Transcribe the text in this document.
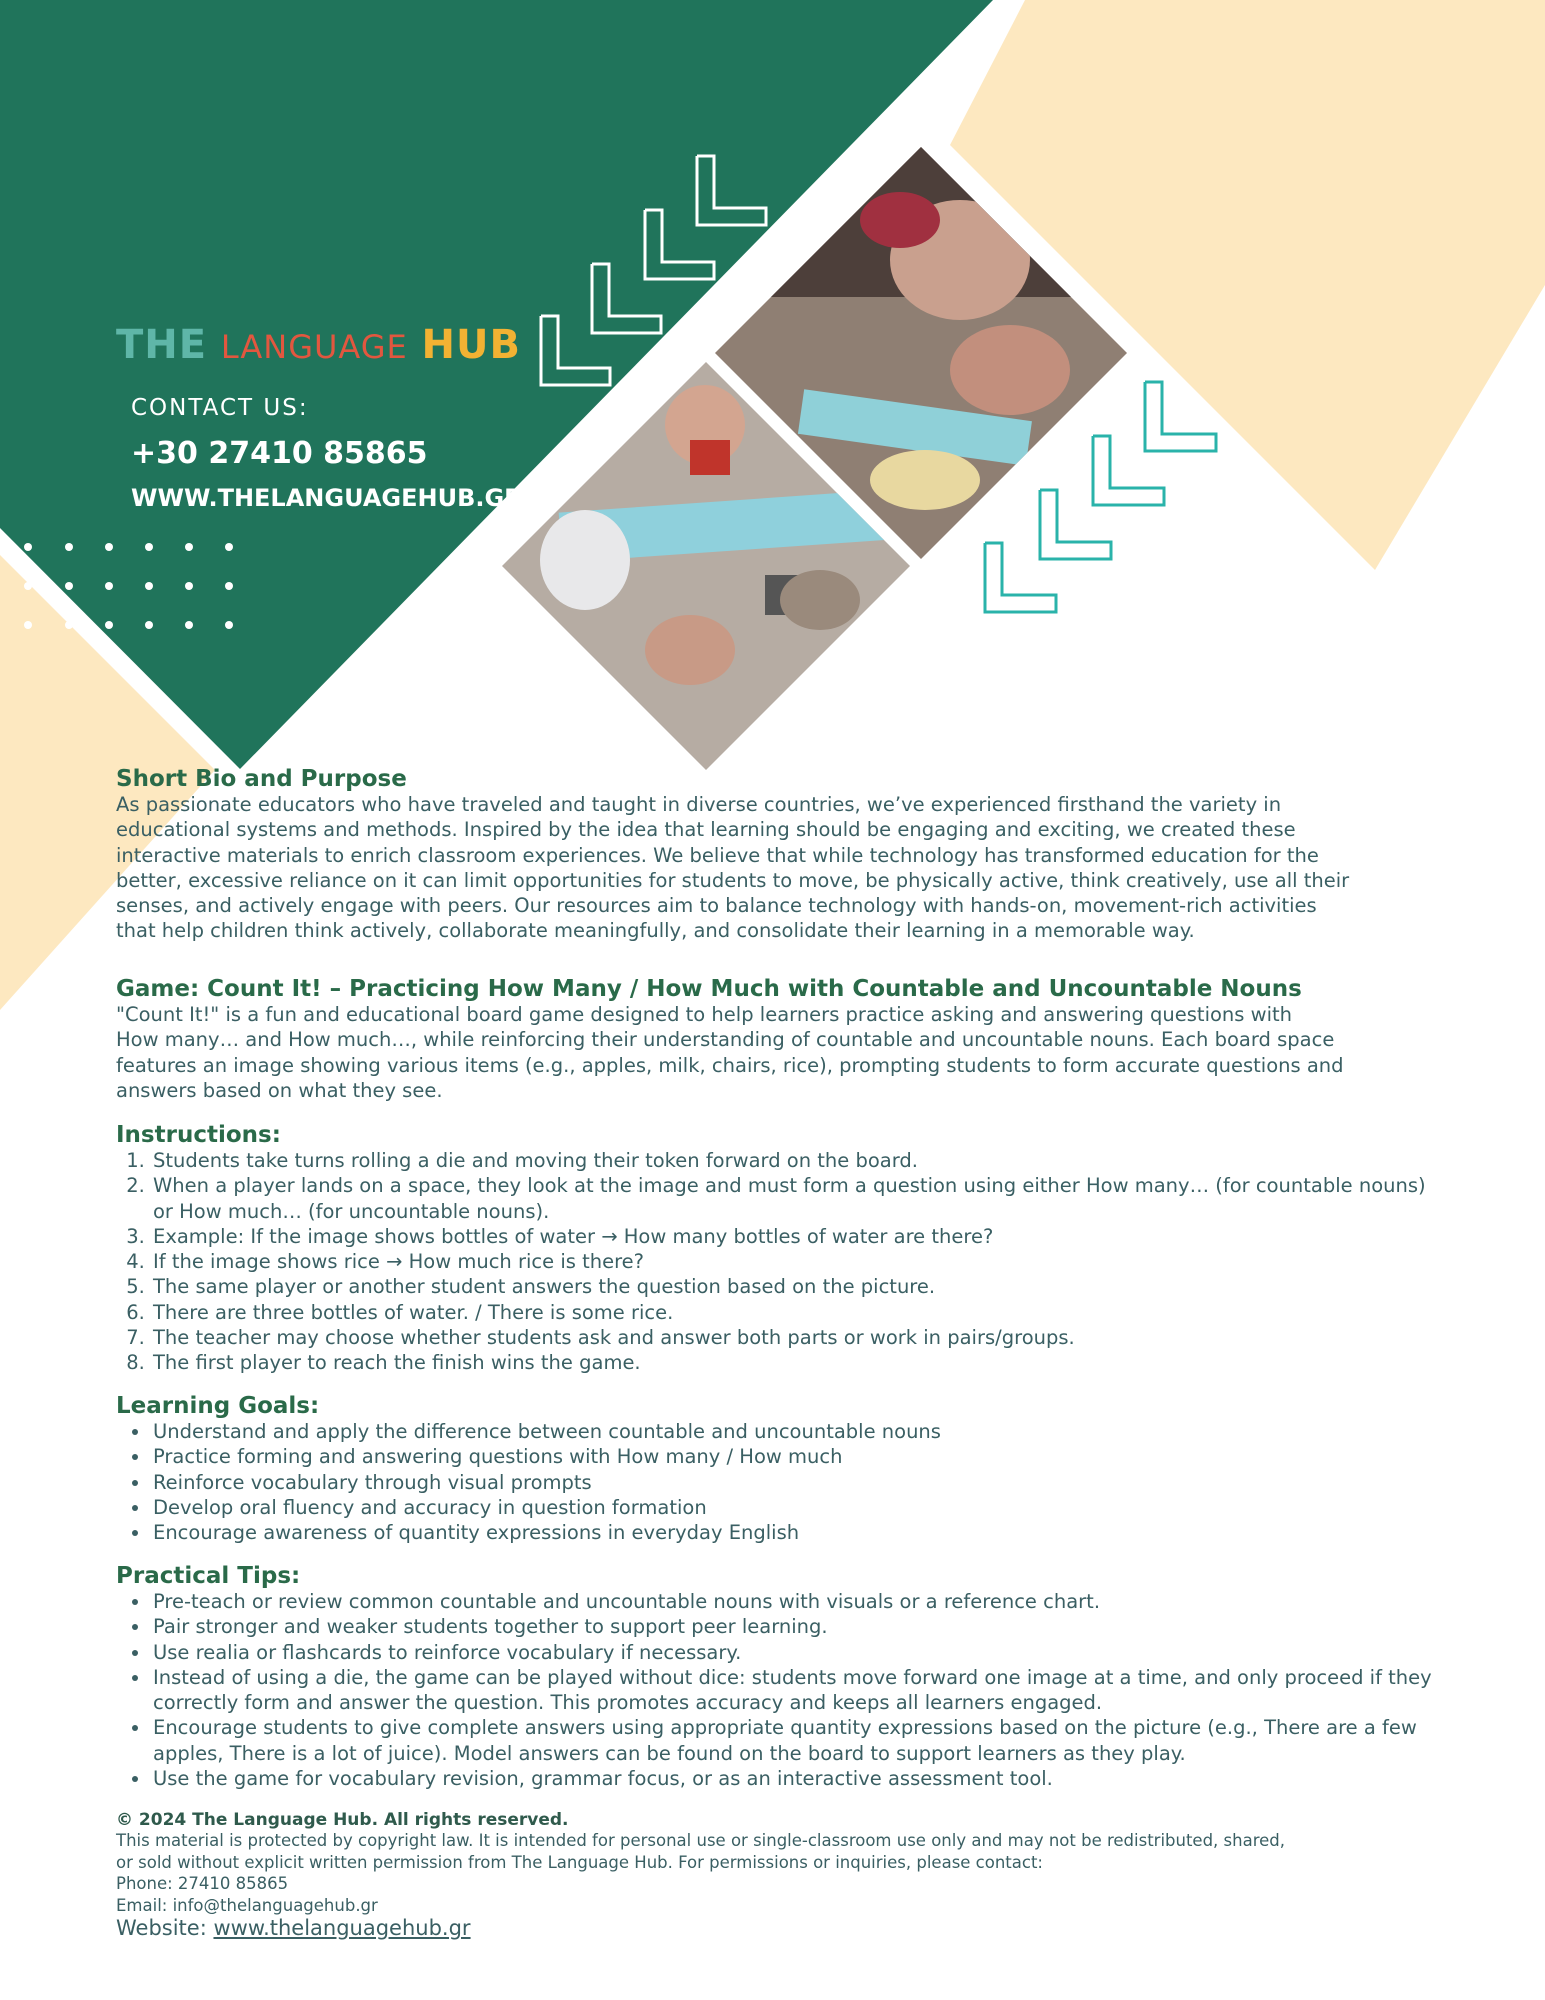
THE LANGUAGE HUB
CONTACT US:
+30 27410 85865
WWW.THELANGUAGEHUB.GR
Short Bio and Purpose
As passionate educators who have traveled and taught in diverse countries, we’ve experienced firsthand the variety in
educational systems and methods. Inspired by the idea that learning should be engaging and exciting, we created these
interactive materials to enrich classroom experiences. We believe that while technology has transformed education for the
better, excessive reliance on it can limit opportunities for students to move, be physically active, think creatively, use all their
senses, and actively engage with peers. Our resources aim to balance technology with hands-on, movement-rich activities
that help children think actively, collaborate meaningfully, and consolidate their learning in a memorable way.
Game: Count It! – Practicing How Many / How Much with Countable and Uncountable Nouns
"Count It!" is a fun and educational board game designed to help learners practice asking and answering questions with
How many… and How much…, while reinforcing their understanding of countable and uncountable nouns. Each board space
features an image showing various items (e.g., apples, milk, chairs, rice), prompting students to form accurate questions and
answers based on what they see.
Instructions:
1. Students take turns rolling a die and moving their token forward on the board.
2. When a player lands on a space, they look at the image and must form a question using either How many… (for countable nouns) or How much… (for uncountable nouns).
3. Example: If the image shows bottles of water → How many bottles of water are there?
4. If the image shows rice → How much rice is there?
5. The same player or another student answers the question based on the picture.
6. There are three bottles of water. / There is some rice.
7. The teacher may choose whether students ask and answer both parts or work in pairs/groups.
8. The first player to reach the finish wins the game.
Learning Goals:
• Understand and apply the difference between countable and uncountable nouns
• Practice forming and answering questions with How many / How much
• Reinforce vocabulary through visual prompts
• Develop oral fluency and accuracy in question formation
• Encourage awareness of quantity expressions in everyday English
Practical Tips:
• Pre-teach or review common countable and uncountable nouns with visuals or a reference chart.
• Pair stronger and weaker students together to support peer learning.
• Use realia or flashcards to reinforce vocabulary if necessary.
• Instead of using a die, the game can be played without dice: students move forward one image at a time, and only proceed if they correctly form and answer the question. This promotes accuracy and keeps all learners engaged.
• Encourage students to give complete answers using appropriate quantity expressions based on the picture (e.g., There are a few apples, There is a lot of juice). Model answers can be found on the board to support learners as they play.
• Use the game for vocabulary revision, grammar focus, or as an interactive assessment tool.
© 2024 The Language Hub. All rights reserved.
This material is protected by copyright law. It is intended for personal use or single-classroom use only and may not be redistributed, shared,
or sold without explicit written permission from The Language Hub. For permissions or inquiries, please contact:
Phone: 27410 85865
Email: info@thelanguagehub.gr
Website: www.thelanguagehub.gr
